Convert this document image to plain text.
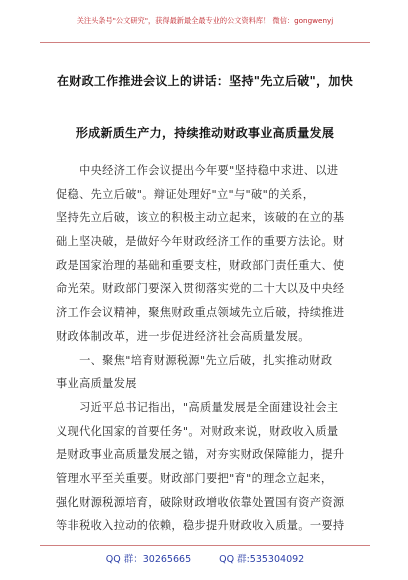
关注头条号"公文研究"，获得最新最全最专业的公文资料库！ 微信：gongwenyj
在财政工作推进会议上的讲话：坚持"先立后破"，加快
形成新质生产力，持续推动财政事业高质量发展
　　中央经济工作会议提出今年要"坚持稳中求进、以进
促稳、先立后破"。辩证处理好"立"与"破"的关系，
坚持先立后破，该立的积极主动立起来，该破的在立的基
础上坚决破，是做好今年财政经济工作的重要方法论。财
政是国家治理的基础和重要支柱，财政部门责任重大、使
命光荣。财政部门要深入贯彻落实党的二十大以及中央经
济工作会议精神，聚焦财政重点领域先立后破，持续推进
财政体制改革，进一步促进经济社会高质量发展。
　　一、聚焦"培育财源税源"先立后破，扎实推动财政
事业高质量发展
　　习近平总书记指出，"高质量发展是全面建设社会主
义现代化国家的首要任务"。对财政来说，财政收入质量
是财政事业高质量发展之锚，对夯实财政保障能力，提升
管理水平至关重要。财政部门要把"育"的理念立起来，
强化财源税源培育，破除财政增收依靠处置国有资产资源
等非税收入拉动的依赖，稳步提升财政收入质量。一要持
QQ 群：30265665	QQ 群:535304092
